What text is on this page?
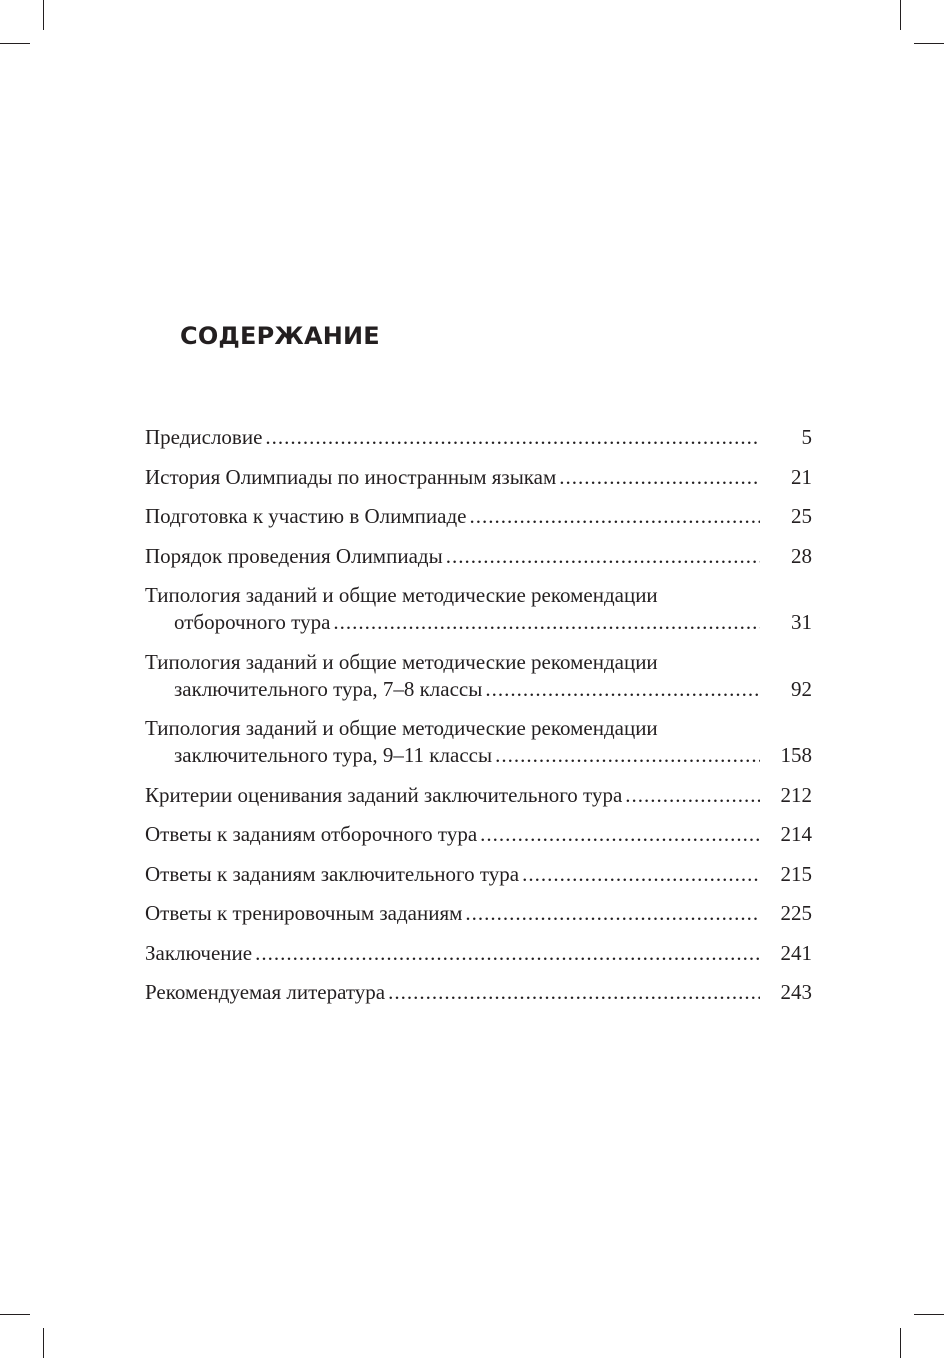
СОДЕРЖАНИЕ
Предисловие .....	5
История Олимпиады по иностранным языкам .....	21
Подготовка к участию в Олимпиаде .....	25
Порядок проведения Олимпиады .....	28
Типология заданий и общие методические рекомендации
отборочного тура .....	31
Типология заданий и общие методические рекомендации
заключительного тура, 7–8 классы .....	92
Типология заданий и общие методические рекомендации
заключительного тура, 9–11 классы .....	158
Критерии оценивания заданий заключительного тура .....	212
Ответы к заданиям отборочного тура .....	214
Ответы к заданиям заключительного тура .....	215
Ответы к тренировочным заданиям .....	225
Заключение .....	241
Рекомендуемая литература .....	243
